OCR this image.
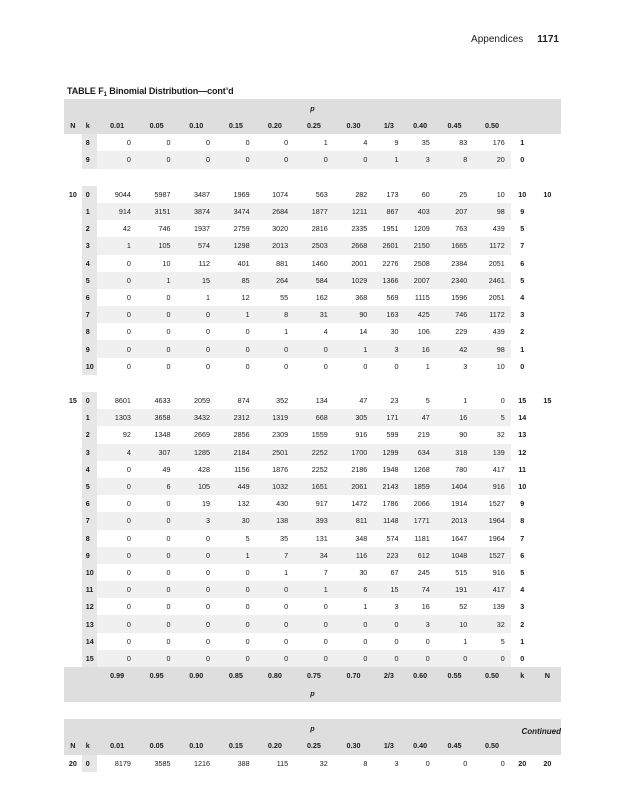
Appendices 1171
TABLE $F_1$ Binomial Distribution—cont’d
p														
N	k	0.01	0.05	0.10	0.15	0.20	0.25	0.30	1/3	0.40	0.45	0.50		
	8	0	0	0	0	0	1	4	9	35	83	176	1	
	9	0	0	0	0	0	0	0	1	3	8	20	0	

10	0	9044	5987	3487	1969	1074	563	282	173	60	25	10	10	10
	1	914	3151	3874	3474	2684	1877	1211	867	403	207	98	9	
	2	42	746	1937	2759	3020	2816	2335	1951	1209	763	439	5	
	3	1	105	574	1298	2013	2503	2668	2601	2150	1665	1172	7	
	4	0	10	112	401	881	1460	2001	2276	2508	2384	2051	6	
	5	0	1	15	85	264	584	1029	1366	2007	2340	2461	5	
	6	0	0	1	12	55	162	368	569	1115	1596	2051	4	
	7	0	0	0	1	8	31	90	163	425	746	1172	3	
	8	0	0	0	0	1	4	14	30	106	229	439	2	
	9	0	0	0	0	0	0	1	3	16	42	98	1	
	10	0	0	0	0	0	0	0	0	1	3	10	0	

15	0	8601	4633	2059	874	352	134	47	23	5	1	0	15	15
	1	1303	3658	3432	2312	1319	668	305	171	47	16	5	14	
	2	92	1348	2669	2856	2309	1559	916	599	219	90	32	13	
	3	4	307	1285	2184	2501	2252	1700	1299	634	318	139	12	
	4	0	49	428	1156	1876	2252	2186	1948	1268	780	417	11	
	5	0	6	105	449	1032	1651	2061	2143	1859	1404	916	10	
	6	0	0	19	132	430	917	1472	1786	2066	1914	1527	9	
	7	0	0	3	30	138	393	811	1148	1771	2013	1964	8	
	8	0	0	0	5	35	131	348	574	1181	1647	1964	7	
	9	0	0	0	1	7	34	116	223	612	1048	1527	6	
	10	0	0	0	0	1	7	30	67	245	515	916	5	
	11	0	0	0	0	0	1	6	15	74	191	417	4	
	12	0	0	0	0	0	0	1	3	16	52	139	3	
	13	0	0	0	0	0	0	0	0	3	10	32	2	
	14	0	0	0	0	0	0	0	0	0	1	5	1	
	15	0	0	0	0	0	0	0	0	0	0	0	0	
		0.99	0.95	0.90	0.85	0.80	0.75	0.70	2/3	0.60	0.55	0.50	k	N
p														

p														
N	k	0.01	0.05	0.10	0.15	0.20	0.25	0.30	1/3	0.40	0.45	0.50		
20	0	8179	3585	1216	388	115	32	8	3	0	0	0	20	20
Continued
